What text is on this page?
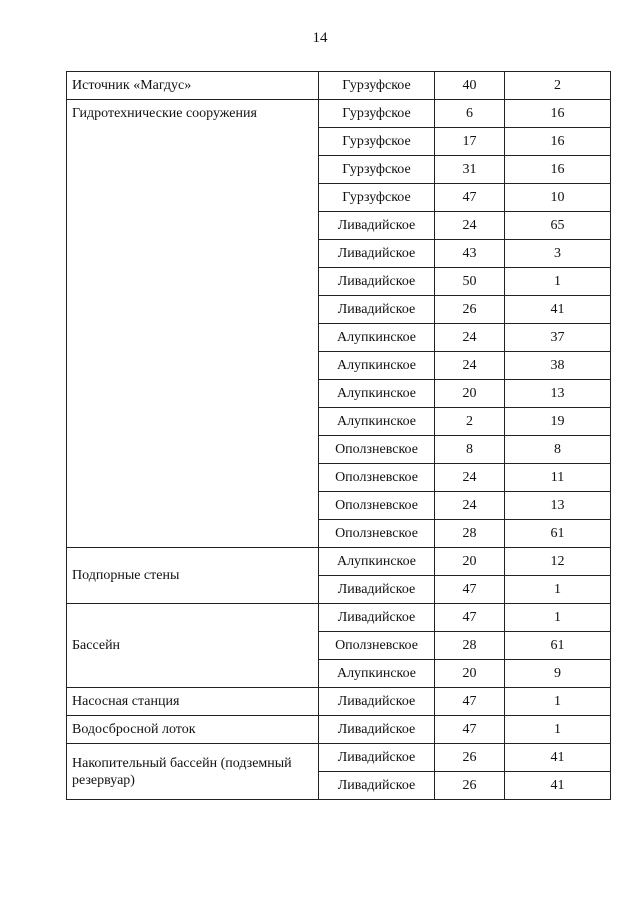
14
Источник «Магдус»	Гурзуфское	40	2
Гидротехнические сооружения	Гурзуфское	6	16
	Гурзуфское	17	16
	Гурзуфское	31	16
	Гурзуфское	47	10
	Ливадийское	24	65
	Ливадийское	43	3
	Ливадийское	50	1
	Ливадийское	26	41
	Алупкинское	24	37
	Алупкинское	24	38
	Алупкинское	20	13
	Алупкинское	2	19
	Оползневское	8	8
	Оползневское	24	11
	Оползневское	24	13
	Оползневское	28	61
Подпорные стены	Алупкинское	20	12
	Ливадийское	47	1
Бассейн	Ливадийское	47	1
	Оползневское	28	61
	Алупкинское	20	9
Насосная станция	Ливадийское	47	1
Водосбросной лоток	Ливадийское	47	1
Накопительный бассейн (подземный резервуар)	Ливадийское	26	41
	Ливадийское	26	41
